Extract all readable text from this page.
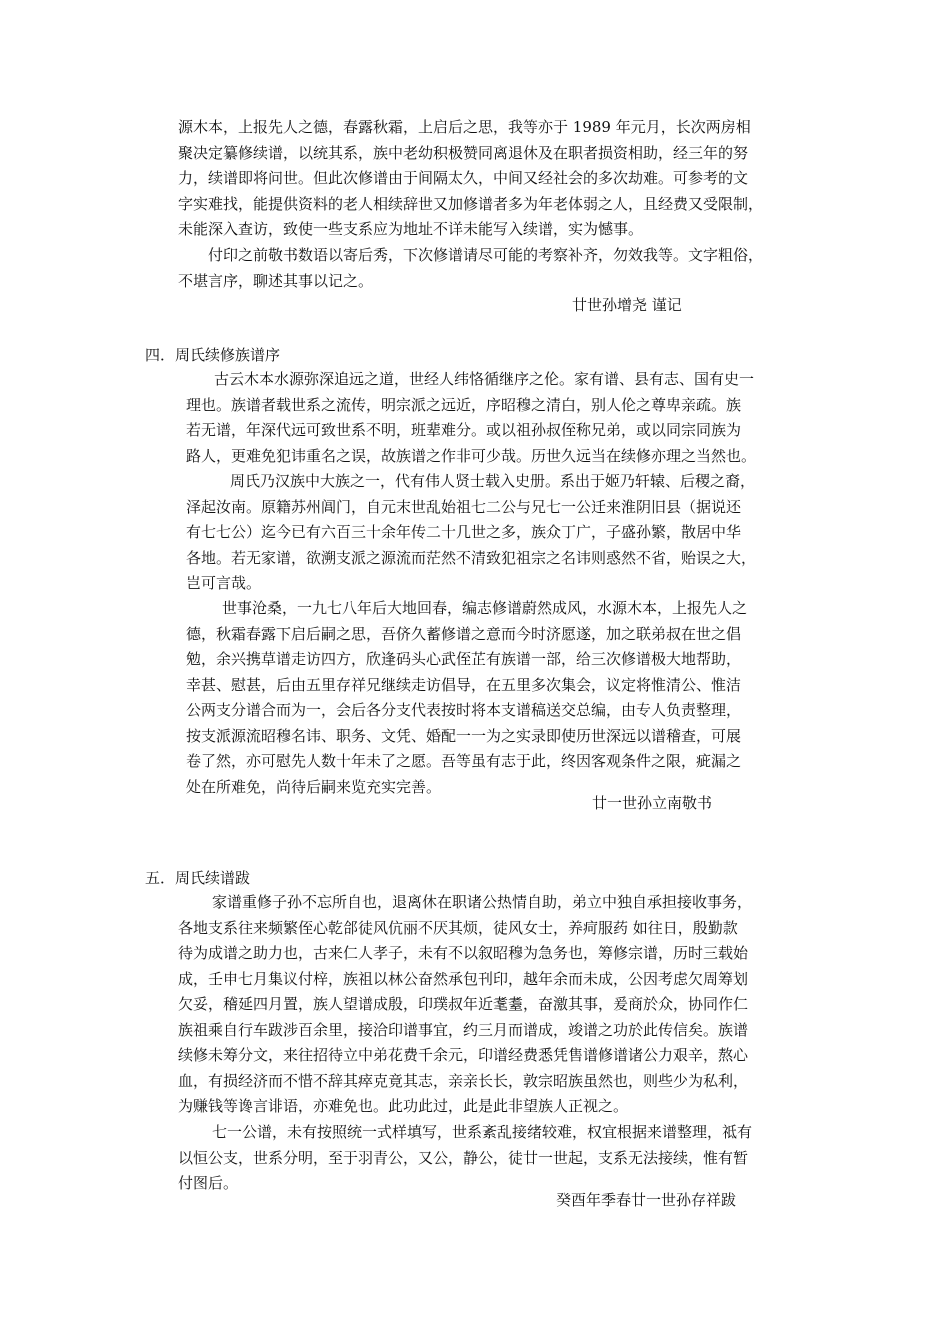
源木本，上报先人之德，春露秋霜，上启后之思，我等亦于 1989 年元月，长次两房相
聚决定纂修续谱，以统其系，族中老幼积极赞同离退休及在职者损资相助，经三年的努
力，续谱即将问世。但此次修谱由于间隔太久，中间又经社会的多次劫难。可参考的文
字实难找，能提供资料的老人相续辞世又加修谱者多为年老体弱之人，且经费又受限制，
未能深入查访，致使一些支系应为地址不详未能写入续谱，实为憾事。
付印之前敬书数语以寄后秀，下次修谱请尽可能的考察补齐，勿效我等。文字粗俗，
不堪言序，聊述其事以记之。
廿世孙增尧 谨记
四．周氏续修族谱序
古云木本水源弥深追远之道，世经人纬恪循继序之伦。家有谱、县有志、国有史一
理也。族谱者载世系之流传，明宗派之远近，序昭穆之清白，别人伦之尊卑亲疏。族
若无谱，年深代远可致世系不明，班辈难分。或以祖孙叔侄称兄弟，或以同宗同族为
路人，更难免犯讳重名之误，故族谱之作非可少哉。历世久远当在续修亦理之当然也。
周氏乃汉族中大族之一，代有伟人贤士载入史册。系出于姬乃轩辕、后稷之裔，
泽起汝南。原籍苏州阊门，自元末世乱始祖七二公与兄七一公迁来淮阴旧县（据说还
有七七公）迄今已有六百三十余年传二十几世之多，族众丁广，子盛孙繁，散居中华
各地。若无家谱，欲溯支派之源流而茫然不清致犯祖宗之名讳则惑然不省，贻误之大，
岂可言哉。
世事沧桑，一九七八年后大地回春，编志修谱蔚然成风，水源木本，上报先人之
德，秋霜春露下启后嗣之思，吾侪久蓄修谱之意而今时济愿遂，加之联弟叔在世之倡
勉，余兴携草谱走访四方，欣逢码头心武侄芷有族谱一部，给三次修谱极大地帮助，
幸甚、慰甚，后由五里存祥兄继续走访倡导，在五里多次集会，议定将惟清公、惟洁
公两支分谱合而为一，会后各分支代表按时将本支谱稿送交总编，由专人负责整理，
按支派源流昭穆名讳、职务、文凭、婚配一一为之实录即使历世深远以谱稽查，可展
卷了然，亦可慰先人数十年未了之愿。吾等虽有志于此，终因客观条件之限，疵漏之
处在所难免，尚待后嗣来览充实完善。
廿一世孙立南敬书
五．周氏续谱跋
家谱重修子孙不忘所自也，退离休在职诸公热情自助，弟立中独自承担接收事务，
各地支系往来频繁侄心乾郃徒风伉丽不厌其烦，徒风女士，养疴服药 如往日，殷勤款
待为成谱之助力也，古来仁人孝子，未有不以叙昭穆为急务也，筹修宗谱，历时三载始
成，壬申七月集议付梓，族祖以林公奋然承包刊印，越年余而未成，公因考虑欠周筹划
欠妥，稽延四月置，族人望谱成殷，印璞叔年近耄耋，奋激其事，爰商於众，协同作仁
族祖乘自行车跋涉百余里，接洽印谱事宜，约三月而谱成，竣谱之功於此传信矣。族谱
续修未筹分文，来往招待立中弟花费千余元，印谱经费悉凭售谱修谱诸公力艰辛，熬心
血，有损经济而不惜不辞其瘁克竟其志，亲亲长长，敦宗昭族虽然也，则些少为私利，
为赚钱等谗言诽语，亦难免也。此功此过，此是此非望族人正视之。
七一公谱，未有按照统一式样填写，世系紊乱接绪较难，权宜根据来谱整理，祗有
以恒公支，世系分明，至于羽青公，又公，静公，徒廿一世起，支系无法接续，惟有暂
付图后。
癸酉年季春廿一世孙存祥跋
